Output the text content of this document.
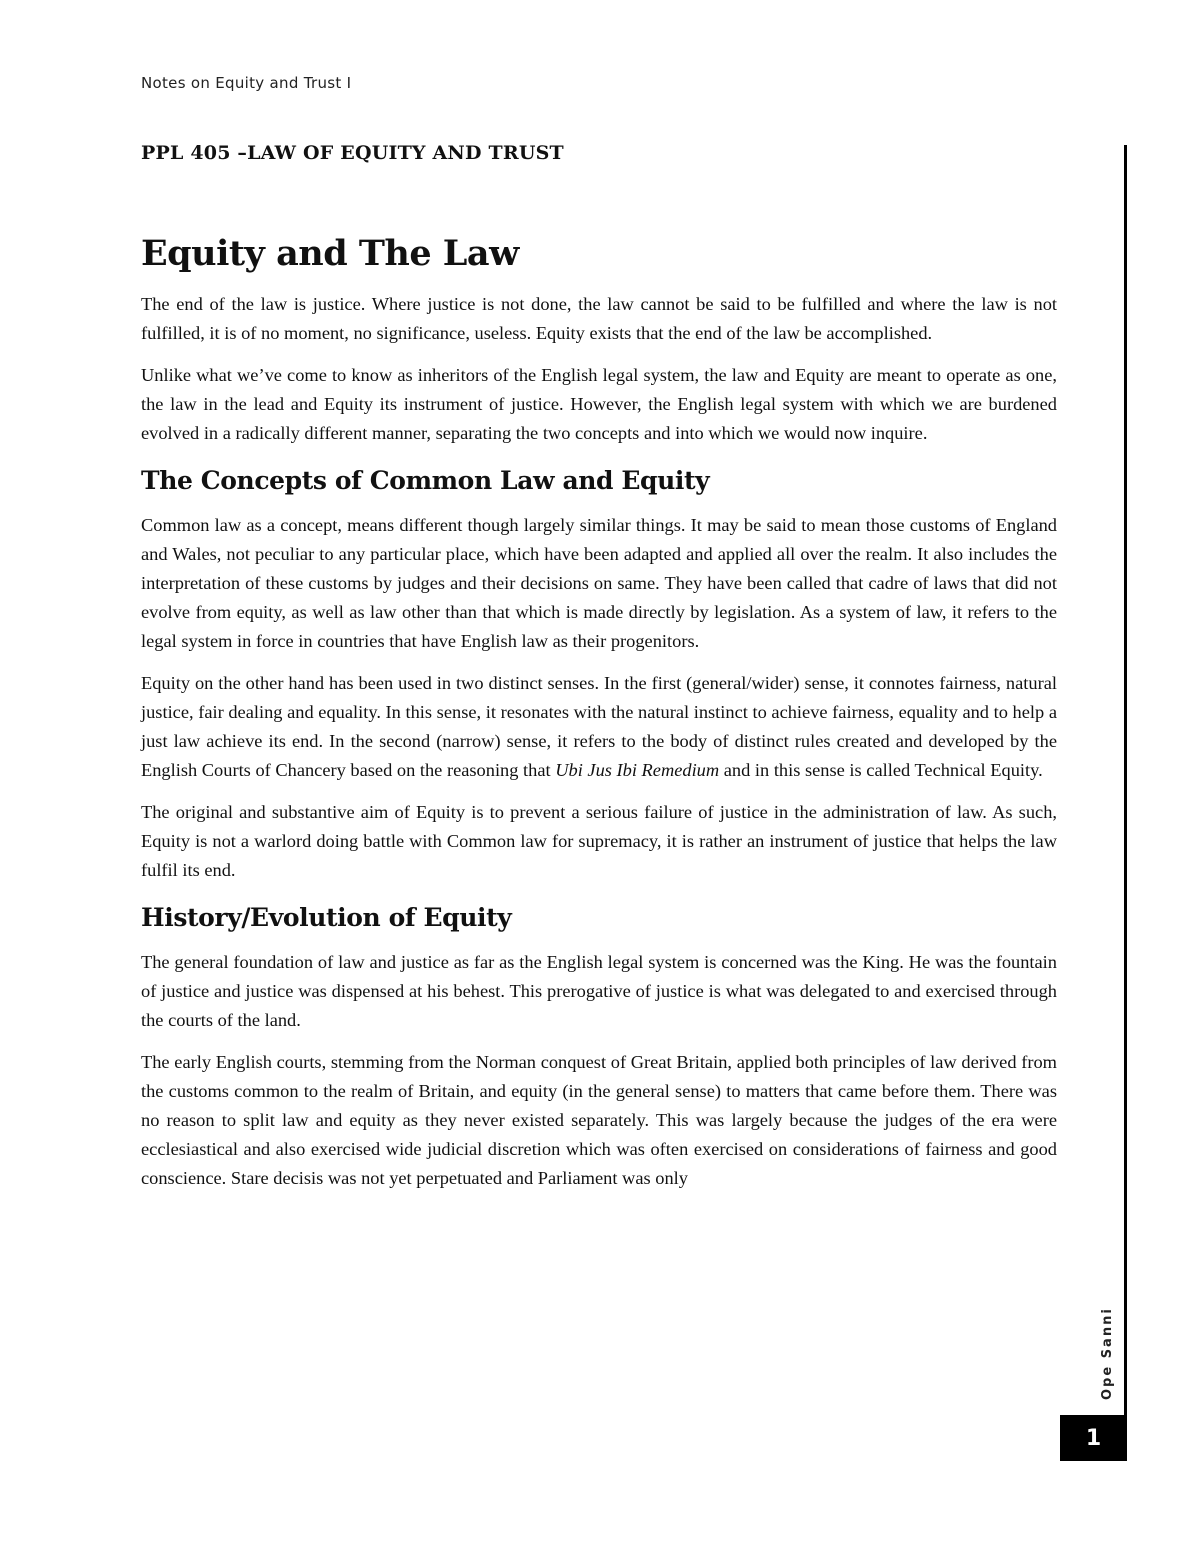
Notes on Equity and Trust I
PPL 405 –LAW OF EQUITY AND TRUST
Equity and The Law

The end of the law is justice. Where justice is not done, the law cannot be said to be fulfilled and where the law is not fulfilled, it is of no moment, no significance, useless. Equity exists that the end of the law be accomplished.

Unlike what we’ve come to know as inheritors of the English legal system, the law and Equity are meant to operate as one, the law in the lead and Equity its instrument of justice. However, the English legal system with which we are burdened evolved in a radically different manner, separating the two concepts and into which we would now inquire.

The Concepts of Common Law and Equity

Common law as a concept, means different though largely similar things. It may be said to mean those customs of England and Wales, not peculiar to any particular place, which have been adapted and applied all over the realm. It also includes the interpretation of these customs by judges and their decisions on same. They have been called that cadre of laws that did not evolve from equity, as well as law other than that which is made directly by legislation. As a system of law, it refers to the legal system in force in countries that have English law as their progenitors.

Equity on the other hand has been used in two distinct senses. In the first (general/wider) sense, it connotes fairness, natural justice, fair dealing and equality. In this sense, it resonates with the natural instinct to achieve fairness, equality and to help a just law achieve its end. In the second (narrow) sense, it refers to the body of distinct rules created and developed by the English Courts of Chancery based on the reasoning that Ubi Jus Ibi Remedium and in this sense is called Technical Equity.

The original and substantive aim of Equity is to prevent a serious failure of justice in the administration of law. As such, Equity is not a warlord doing battle with Common law for supremacy, it is rather an instrument of justice that helps the law fulfil its end.

History/Evolution of Equity

The general foundation of law and justice as far as the English legal system is concerned was the King. He was the fountain of justice and justice was dispensed at his behest. This prerogative of justice is what was delegated to and exercised through the courts of the land.

The early English courts, stemming from the Norman conquest of Great Britain, applied both principles of law derived from the customs common to the realm of Britain, and equity (in the general sense) to matters that came before them. There was no reason to split law and equity as they never existed separately. This was largely because the judges of the era were ecclesiastical and also exercised wide judicial discretion which was often exercised on considerations of fairness and good conscience. Stare decisis was not yet perpetuated and Parliament was only

Ope Sanni
1
